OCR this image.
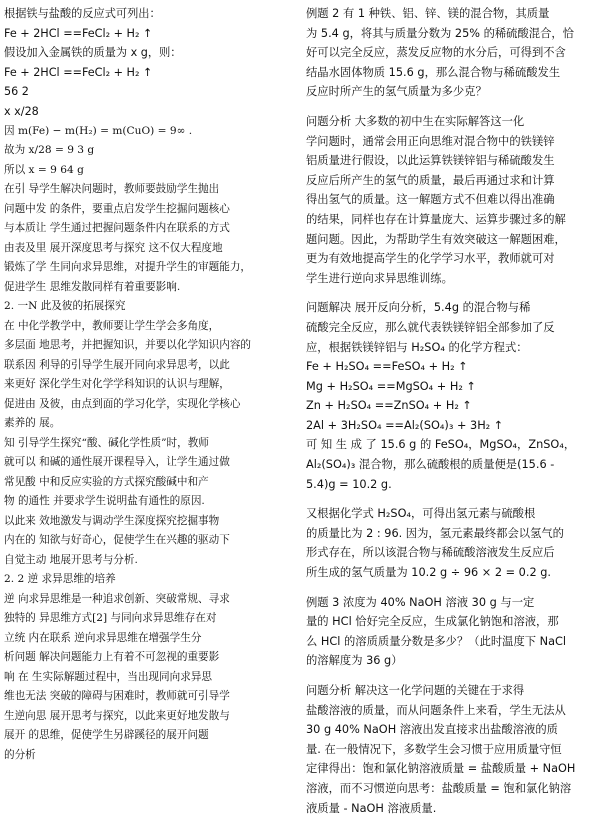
根据铁与盐酸的反应式可列出：
Fe + 2HCl ==FeCl₂ + H₂ ↑
假设加入金属铁的质量为 x g，则：
Fe + 2HCl ==FeCl₂ + H₂ ↑
56 2
x x/28
因 m(Fe) − m(H₂) = m(CuO) = 9∞ .
故为 x/28 = 9 3 g
所以 x = 9 64 g
在引 导学生解决问题时，教师要鼓励学生抛出
问题中发 的条件，要重点启发学生挖掘问题核心
与本质让 学生通过把握问题条件内在联系的方式
由表及里 展开深度思考与探究 这不仅大程度地
锻炼了学 生同向求异思维，对提升学生的审题能力，
促进学生 思维发散同样有着重要影响.
2. 一N 此及彼的拓展探究
在 中化学教学中，教师要让学生学会多角度，
多层面 地思考，并把握知识，并要以化学知识内容的
联系因 利导的引导学生展开同向求异思考，以此
来更好 深化学生对化学学科知识的认识与理解，
促进由 及彼，由点到面的学习化学，实现化学核心
素养的 展。
知 引导学生探究“酸、碱化学性质”时，教师
就可以 和碱的通性展开课程导入，让学生通过做
常见酸 中和反应实验的方式探究酸碱中和产
物 的通性 并要求学生说明盐有通性的原因.
以此来 效地激发与调动学生深度探究挖掘事物
内在的 知欲与好奇心，促使学生在兴趣的驱动下
自觉主动 地展开思考与分析.
2. 2 逆 求异思维的培养
逆 向求异思维是一种追求创新、突破常规、寻求
独特的 异思维方式[2] 与同向求异思维存在对
立统 内在联系 逆向求异思维在增强学生分
析问题 解决问题能力上有着不可忽视的重要影
响 在 生实际解题过程中，当出现同向求异思
维也无法 突破的障碍与困难时，教师就可引导学
生逆向思 展开思考与探究，以此来更好地发散与
展开 的思维，促使学生另辟蹊径的展开问题
的分析
例题 2 有 1 种铁、铝、锌、镁的混合物，其质量
为 5.4 g，将其与质量分数为 25% 的稀硫酸混合，恰
好可以完全反应，蒸发反应物的水分后，可得到不含
结晶水固体物质 15.6 g，那么混合物与稀硫酸发生
反应时所产生的氢气质量为多少克？
问题分析 大多数的初中生在实际解答这一化
学问题时，通常会用正向思维对混合物中的铁镁锌
铝质量进行假设，以此运算铁镁锌铝与稀硫酸发生
反应后所产生的氢气的质量，最后再通过求和计算
得出氢气的质量。这一解题方式不但难以得出准确
的结果，同样也存在计算量庞大、运算步骤过多的解
题问题。因此，为帮助学生有效突破这一解题困难，
更为有效地提高学生的化学学习水平，教师就可对
学生进行逆向求异思维训练。
问题解决 展开反向分析，5.4g 的混合物与稀
硫酸完全反应，那么就代表铁镁锌铝全部参加了反
应，根据铁镁锌铝与 H₂SO₄ 的化学方程式：
Fe + H₂SO₄ ==FeSO₄ + H₂ ↑
Mg + H₂SO₄ ==MgSO₄ + H₂ ↑
Zn + H₂SO₄ ==ZnSO₄ + H₂ ↑
2Al + 3H₂SO₄ ==Al₂(SO₄)₃ + 3H₂ ↑
可 知 生 成 了 15.6 g 的 FeSO₄，MgSO₄，ZnSO₄，
Al₂(SO₄)₃ 混合物，那么硫酸根的质量便是(15.6 -
5.4)g = 10.2 g.
又根据化学式 H₂SO₄，可得出氢元素与硫酸根
的质量比为 2 : 96. 因为，氢元素最终都会以氢气的
形式存在，所以该混合物与稀硫酸溶液发生反应后
所生成的氢气质量为 10.2 g ÷ 96 × 2 = 0.2 g.
例题 3 浓度为 40% NaOH 溶液 30 g 与一定
量的 HCl 恰好完全反应，生成氯化钠饱和溶液，那
么 HCl 的溶质质量分数是多少？（此时温度下 NaCl
的溶解度为 36 g）
问题分析 解决这一化学问题的关键在于求得
盐酸溶液的质量，而从问题条件上来看，学生无法从
30 g 40% NaOH 溶液出发直接求出盐酸溶液的质
量. 在一般情况下，多数学生会习惯于应用质量守恒
定律得出：饱和氯化钠溶液质量 = 盐酸质量 + NaOH
溶液，而不习惯逆向思考：盐酸质量 = 饱和氯化钠溶
液质量 - NaOH 溶液质量.
